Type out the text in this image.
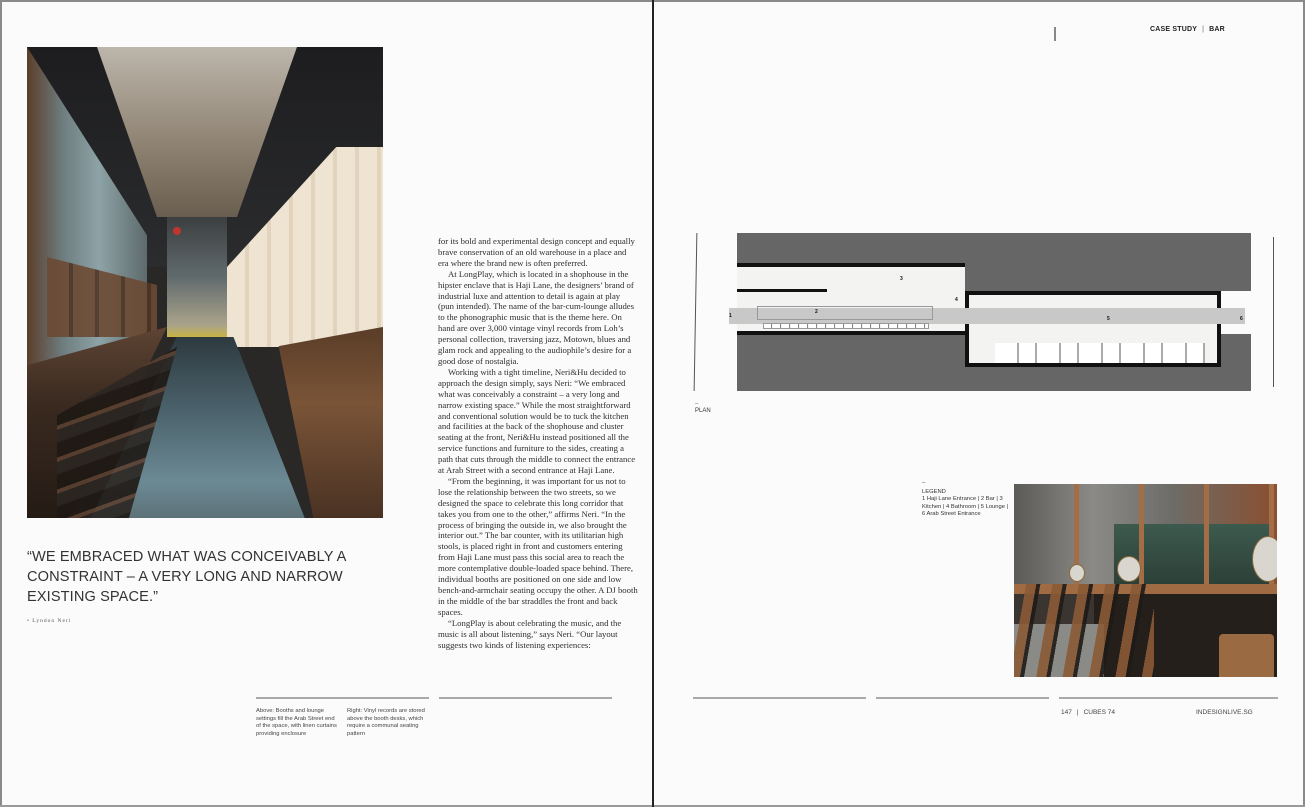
“WE EMBRACED WHAT WAS CONCEIVABLY A CONSTRAINT – A VERY LONG AND NARROW EXISTING SPACE.”
• Lyndon Neri

for its bold and experimental design concept and equally brave conservation of an old warehouse in a place and era where the brand new is often preferred.

At LongPlay, which is located in a shophouse in the hipster enclave that is Haji Lane, the designers’ brand of industrial luxe and attention to detail is again at play (pun intended). The name of the bar-cum-lounge alludes to the phonographic music that is the theme here. On hand are over 3,000 vintage vinyl records from Loh’s personal collection, traversing jazz, Motown, blues and glam rock and appealing to the audiophile’s desire for a good dose of nostalgia.

Working with a tight timeline, Neri&Hu decided to approach the design simply, says Neri: “We embraced what was conceivably a constraint – a very long and narrow existing space.” While the most straightforward and conventional solution would be to tuck the kitchen and facilities at the back of the shophouse and cluster seating at the front, Neri&Hu instead positioned all the service functions and furniture to the sides, creating a path that cuts through the middle to connect the entrance at Arab Street with a second entrance at Haji Lane.

“From the beginning, it was important for us not to lose the relationship between the two streets, so we designed the space to celebrate this long corridor that takes you from one to the other,” affirms Neri. “In the process of bringing the outside in, we also brought the interior out.” The bar counter, with its utilitarian high stools, is placed right in front and customers entering from Haji Lane must pass this social area to reach the more contemplative double-loaded space behind. There, individual booths are positioned on one side and low bench-and-armchair seating occupy the other. A DJ booth in the middle of the bar straddles the front and back spaces.

“LongPlay is about celebrating the music, and the music is all about listening,” says Neri. “Our layout suggests two kinds of listening experiences:

Above: Booths and lounge settings fill the Arab Street end of the space, with linen curtains providing enclosure
Right: Vinyl records are stored above the booth desks, which require a communal seating pattern
CASE STUDY | BAR
1
2
3
4
5	6
–
PLAN
–
LEGEND
1 Haji Lane Entrance | 2 Bar | 3 Kitchen | 4 Bathroom | 5 Lounge | 6 Arab Street Entrance
147 | CUBES 74	INDESIGNLIVE.SG
